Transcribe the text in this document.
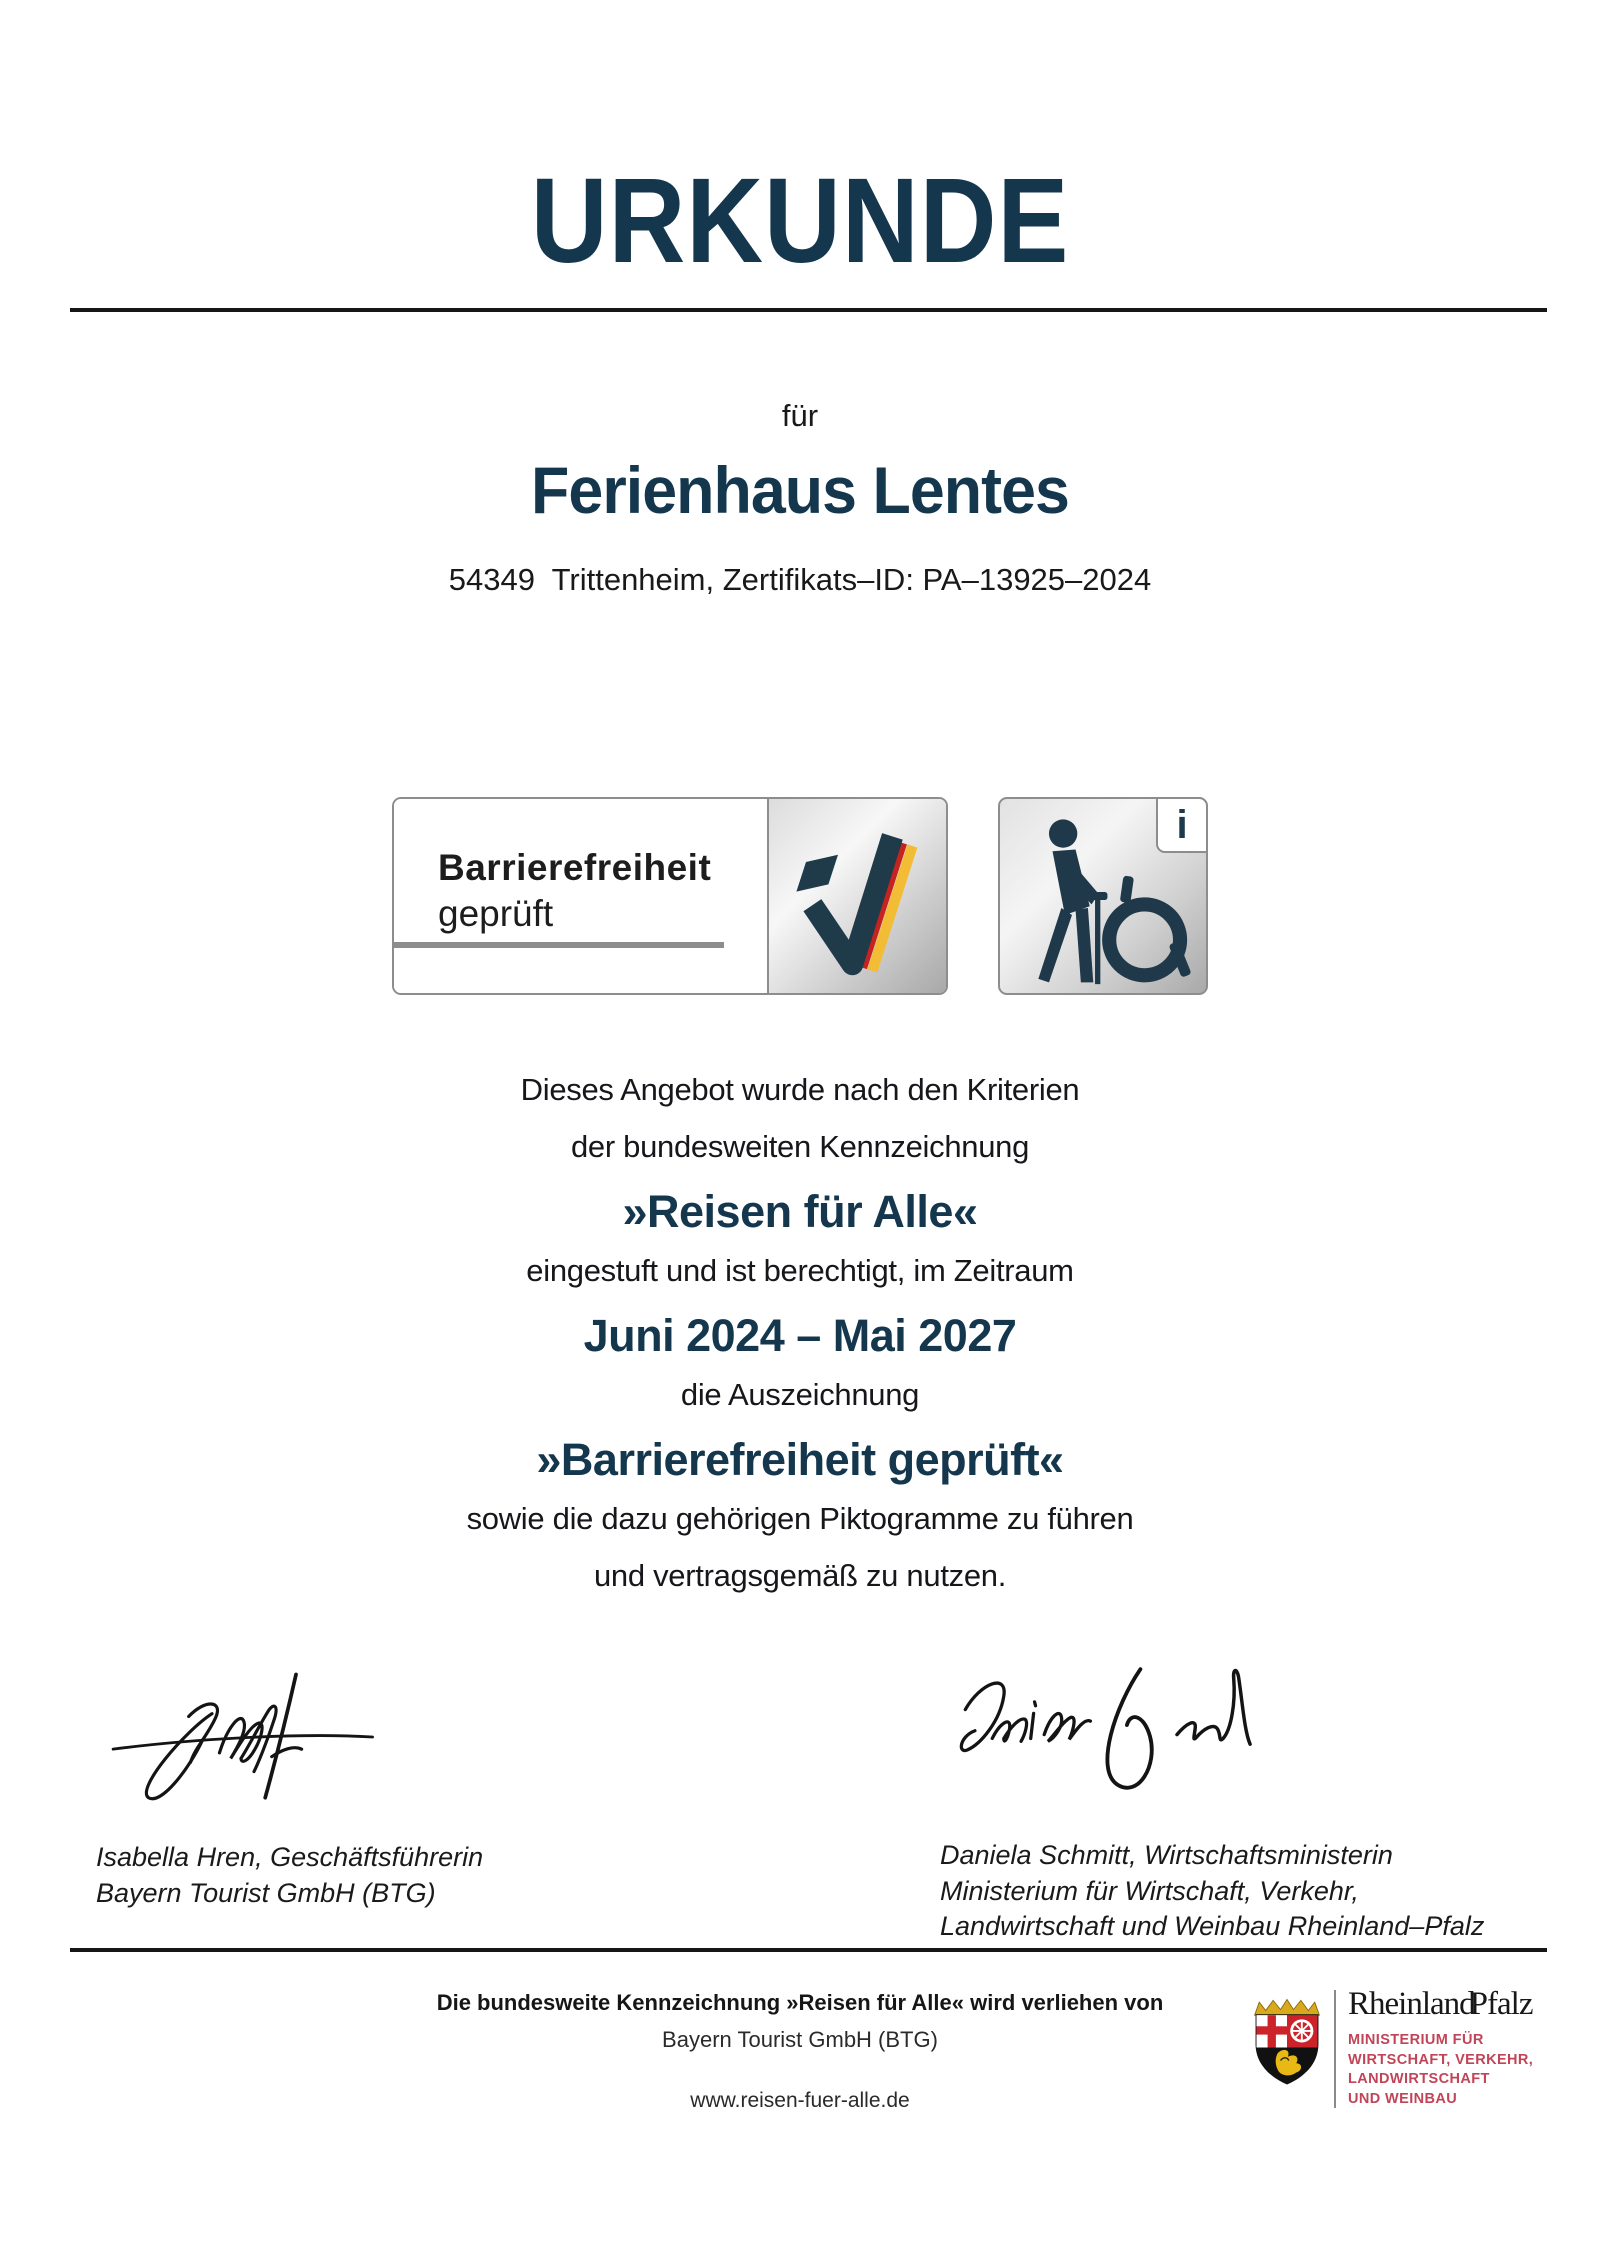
URKUNDE
für
Ferienhaus Lentes
54349  Trittenheim, Zertifikats–ID: PA–13925–2024
Barrierefreiheit
geprüft
i
Dieses Angebot wurde nach den Kriterien
der bundesweiten Kennzeichnung
»Reisen für Alle«
eingestuft und ist berechtigt, im Zeitraum
Juni 2024 – Mai 2027
die Auszeichnung
»Barrierefreiheit geprüft«
sowie die dazu gehörigen Piktogramme zu führen
und vertragsgemäß zu nutzen.
Isabella Hren, Geschäftsführerin
Bayern Tourist GmbH (BTG)
Daniela Schmitt, Wirtschaftsministerin
Ministerium für Wirtschaft, Verkehr,
Landwirtschaft und Weinbau Rheinland–Pfalz
Die bundesweite Kennzeichnung »Reisen für Alle« wird verliehen von
Bayern Tourist GmbH (BTG)
www.reisen-fuer-alle.de
RheinlandPfalz
MINISTERIUM FÜR
WIRTSCHAFT, VERKEHR,
LANDWIRTSCHAFT
UND WEINBAU
